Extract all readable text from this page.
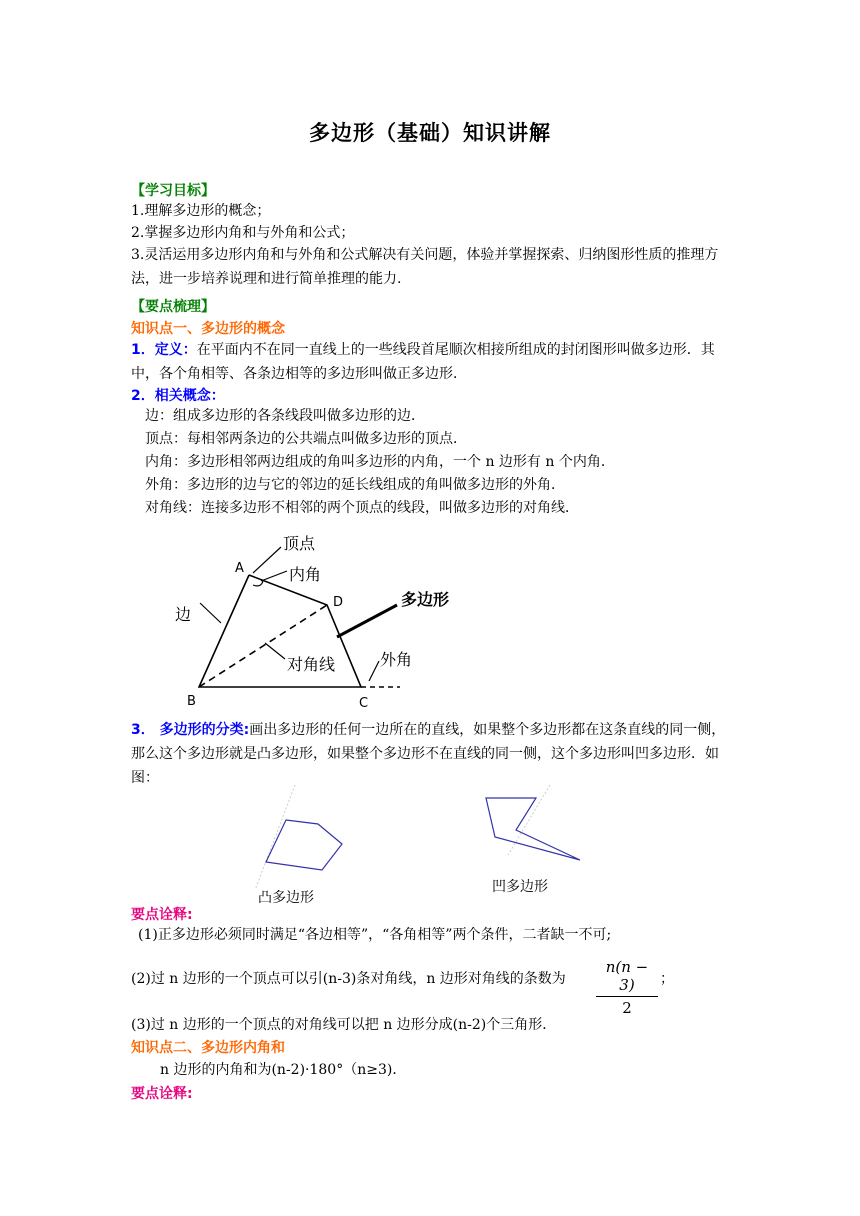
多边形（基础）知识讲解
【学习目标】
1.理解多边形的概念；
2.掌握多边形内角和与外角和公式；
3.灵活运用多边形内角和与外角和公式解决有关问题，体验并掌握探索、归纳图形性质的推理方法，进一步培养说理和进行简单推理的能力.
【要点梳理】
知识点一、多边形的概念
1．定义：在平面内不在同一直线上的一些线段首尾顺次相接所组成的封闭图形叫做多边形．其中，各个角相等、各条边相等的多边形叫做正多边形．
2．相关概念：
边：组成多边形的各条线段叫做多边形的边．
顶点：每相邻两条边的公共端点叫做多边形的顶点．
内角：多边形相邻两边组成的角叫多边形的内角，一个 n 边形有 n 个内角．
外角：多边形的边与它的邻边的延长线组成的角叫做多边形的外角．
对角线：连接多边形不相邻的两个顶点的线段，叫做多边形的对角线．
A
B	C
D
顶点
内角
边
多边形
对角线	外角
3． 多边形的分类:画出多边形的任何一边所在的直线，如果整个多边形都在这条直线的同一侧，那么这个多边形就是凸多边形，如果整个多边形不在直线的同一侧，这个多边形叫凹多边形．如图：
凸多边形
凹多边形
要点诠释:
(1)正多边形必须同时满足“各边相等”，“各角相等”两个条件，二者缺一不可;
(2)过 n 边形的一个顶点可以引(n-3)条对角线，n 边形对角线的条数为 $\frac{n(n - 3)}{2}$ ；
(3)过 n 边形的一个顶点的对角线可以把 n 边形分成(n-2)个三角形．
知识点二、多边形内角和
n 边形的内角和为(n-2)·180°（n≥3)．
要点诠释:
